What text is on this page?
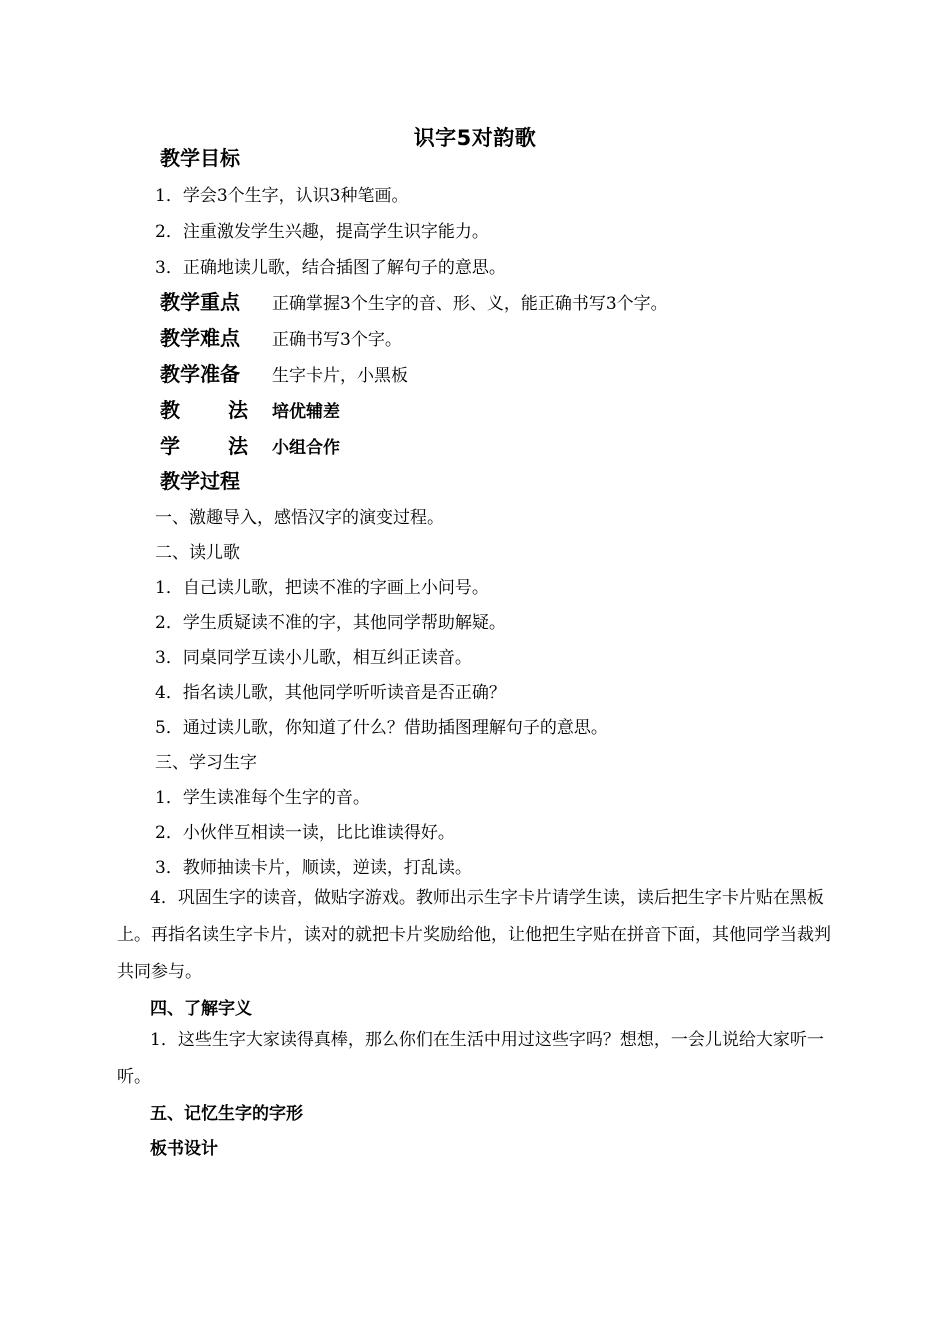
识字5对韵歌
教学目标
1．学会3个生字，认识3种笔画。
2．注重激发学生兴趣，提高学生识字能力。
3．正确地读儿歌，结合插图了解句子的意思。
教学重点 正确掌握3个生字的音、形、义，能正确书写3个字。
教学难点 正确书写3个字。
教学准备 生字卡片，小黑板
教 法 培优辅差
学 法 小组合作
教学过程
一、激趣导入，感悟汉字的演变过程。
二、读儿歌
1．自己读儿歌，把读不准的字画上小问号。
2．学生质疑读不准的字，其他同学帮助解疑。
3．同桌同学互读小儿歌，相互纠正读音。
4．指名读儿歌，其他同学听听读音是否正确？
5．通过读儿歌，你知道了什么？借助插图理解句子的意思。
三、学习生字
1．学生读准每个生字的音。
2．小伙伴互相读一读，比比谁读得好。
3．教师抽读卡片，顺读，逆读，打乱读。
4．巩固生字的读音，做贴字游戏。教师出示生字卡片请学生读，读后把生字卡片贴在黑板上。再指名读生字卡片，读对的就把卡片奖励给他，让他把生字贴在拼音下面，其他同学当裁判共同参与。
四、了解字义
1．这些生字大家读得真棒，那么你们在生活中用过这些字吗？想想，一会儿说给大家听一听。
五、记忆生字的字形
板书设计
